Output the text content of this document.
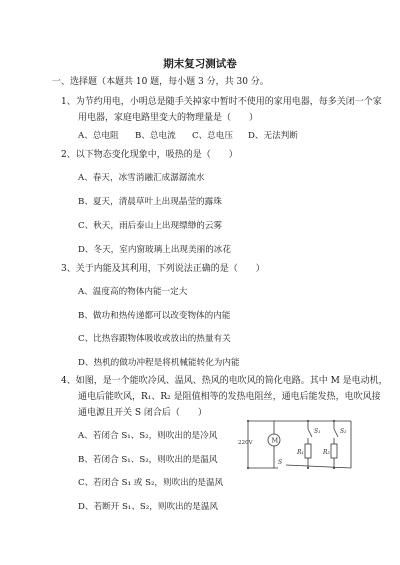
期末复习测试卷
一、选择题（本题共 10 题，每小题 3 分，共 30 分。
1、为节约用电，小明总是随手关掉家中暂时不使用的家用电器，每多关闭一个家
用电器，家庭电路里变大的物理量是（　　）
A、总电阻 B、总电流 C、总电压 D、无法判断
2、以下物态变化现象中，吸热的是（　　）
A、春天，冰雪消融汇成潺潺流水
B、夏天，清晨草叶上出现晶莹的露珠
C、秋天，雨后泰山上出现缥缈的云雾
D、冬天，室内窗玻璃上出现美丽的冰花
3、关于内能及其利用，下列说法正确的是（　　）
A、温度高的物体内能一定大
B、做功和热传递都可以改变物体的内能
C、比热容跟物体吸收或放出的热量有关
D、热机的做功冲程是将机械能转化为内能
4、如图，是一个能吹冷风、温风、热风的电吹风的简化电路。其中 M 是电动机，
通电后能吹风，R₁、R₂ 是阻值相等的发热电阻丝，通电后能发热，电吹风接
通电源且开关 S 闭合后（　　）
A、若闭合 S₁、S₂，则吹出的是冷风
B、若闭合 S₁、S₂，则吹出的是温风
C、若闭合 S₁ 或 S₂，则吹出的是温风
D、若断开 S₁、S₂，则吹出的是温风
220V	M
S
S₁	S₂
R₁	R₂
